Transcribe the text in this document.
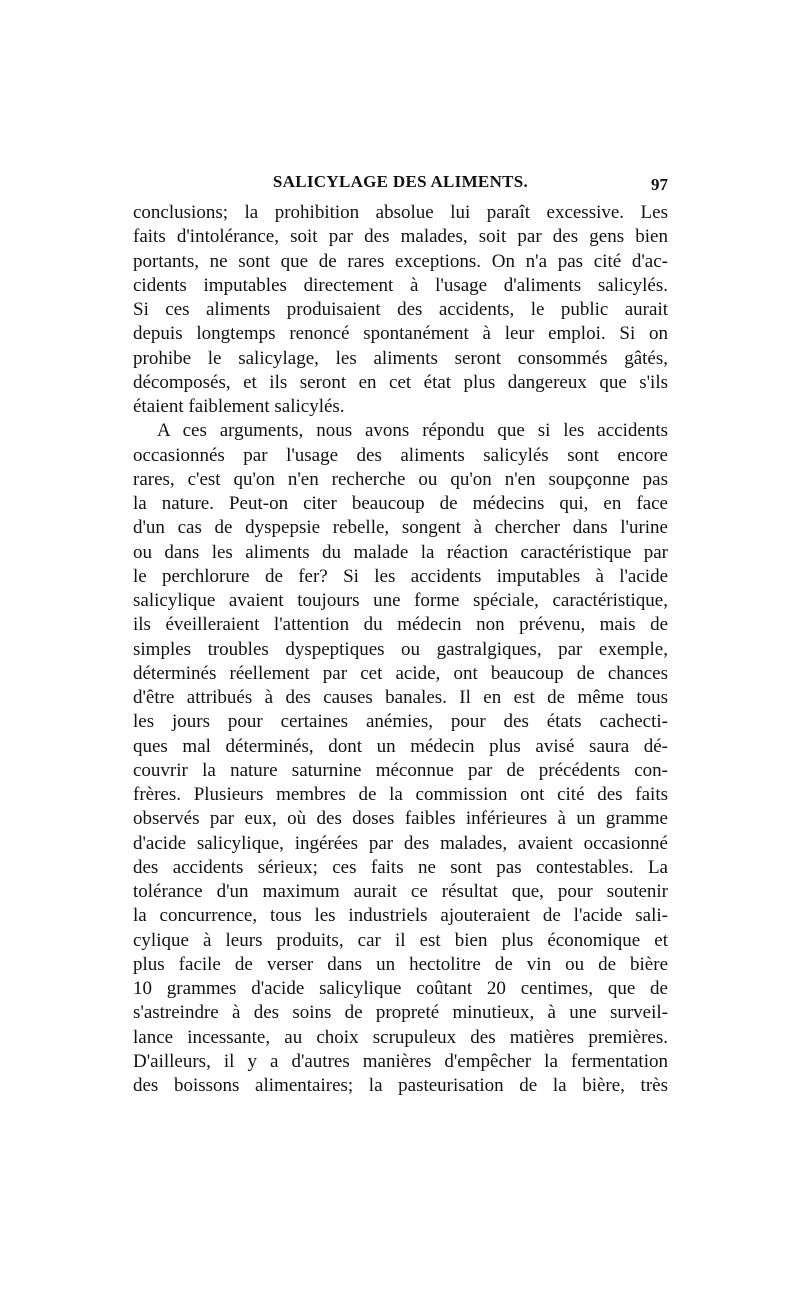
SALICYLAGE DES ALIMENTS.	97
conclusions; la prohibition absolue lui paraît excessive. Les
faits d'intolérance, soit par des malades, soit par des gens bien
portants, ne sont que de rares exceptions. On n'a pas cité d'ac-
cidents imputables directement à l'usage d'aliments salicylés.
Si ces aliments produisaient des accidents, le public aurait
depuis longtemps renoncé spontanément à leur emploi. Si on
prohibe le salicylage, les aliments seront consommés gâtés,
décomposés, et ils seront en cet état plus dangereux que s'ils
étaient faiblement salicylés.
A ces arguments, nous avons répondu que si les accidents
occasionnés par l'usage des aliments salicylés sont encore
rares, c'est qu'on n'en recherche ou qu'on n'en soupçonne pas
la nature. Peut-on citer beaucoup de médecins qui, en face
d'un cas de dyspepsie rebelle, songent à chercher dans l'urine
ou dans les aliments du malade la réaction caractéristique par
le perchlorure de fer? Si les accidents imputables à l'acide
salicylique avaient toujours une forme spéciale, caractéristique,
ils éveilleraient l'attention du médecin non prévenu, mais de
simples troubles dyspeptiques ou gastralgiques, par exemple,
déterminés réellement par cet acide, ont beaucoup de chances
d'être attribués à des causes banales. Il en est de même tous
les jours pour certaines anémies, pour des états cachecti-
ques mal déterminés, dont un médecin plus avisé saura dé-
couvrir la nature saturnine méconnue par de précédents con-
frères. Plusieurs membres de la commission ont cité des faits
observés par eux, où des doses faibles inférieures à un gramme
d'acide salicylique, ingérées par des malades, avaient occasionné
des accidents sérieux; ces faits ne sont pas contestables. La
tolérance d'un maximum aurait ce résultat que, pour soutenir
la concurrence, tous les industriels ajouteraient de l'acide sali-
cylique à leurs produits, car il est bien plus économique et
plus facile de verser dans un hectolitre de vin ou de bière
10 grammes d'acide salicylique coûtant 20 centimes, que de
s'astreindre à des soins de propreté minutieux, à une surveil-
lance incessante, au choix scrupuleux des matières premières.
D'ailleurs, il y a d'autres manières d'empêcher la fermentation
des boissons alimentaires; la pasteurisation de la bière, très
